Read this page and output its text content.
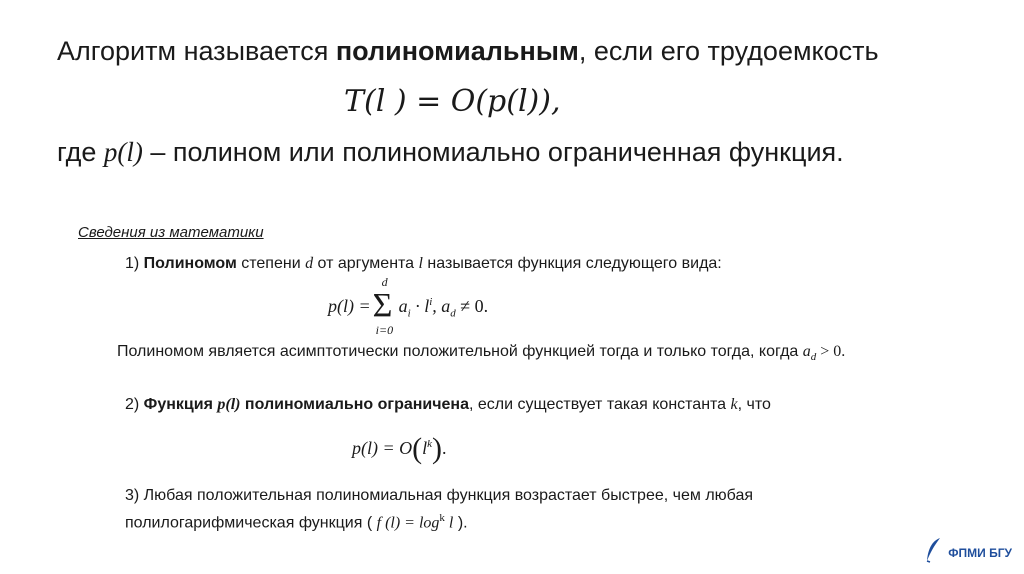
Алгоритм называется полиномиальным, если его трудоемкость
T(l ) = O(p(l)),
где p(l) – полином или полиномиально ограниченная функция.
Сведения из математики
1) Полиномом степени d от аргумента l называется функция следующего вида:
p(l) =
d
Σ
i=0
$a_i \cdot l^i$, $a_d \ne 0$.
Полиномом является асимптотически положительной функцией тогда и только тогда, когда $a_d > 0$.
2) Функция p(l) полиномиально ограничена, если существует такая константа k, что
$p(l) = O(l^k)$.
3) Любая положительная полиномиальная функция возрастает быстрее, чем любая
полилогарифмическая функция ( f $(l) = \log^k l$ ).
ФПМИ БГУ
